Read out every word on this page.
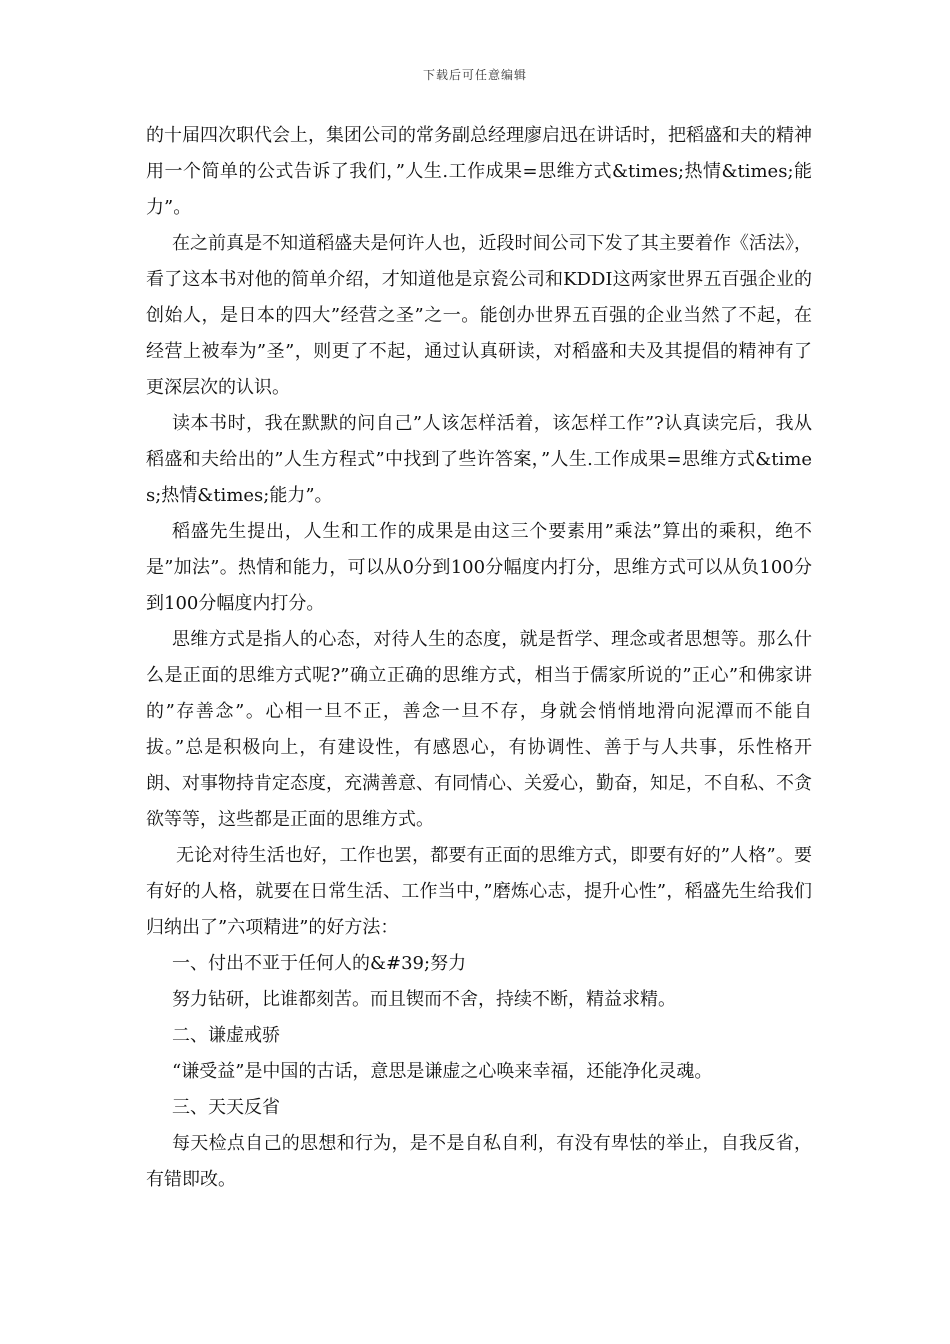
下载后可任意编辑

的十届四次职代会上，集团公司的常务副总经理廖启迅在讲话时，把稻盛和夫的精神用一个简单的公式告诉了我们，”人生.工作成果=思维方式&times;热情&times;能力”。

在之前真是不知道稻盛夫是何许人也，近段时间公司下发了其主要着作《活法》，看了这本书对他的简单介绍，才知道他是京瓷公司和KDDI这两家世界五百强企业的创始人，是日本的四大”经营之圣”之一。能创办世界五百强的企业当然了不起，在经营上被奉为”圣”，则更了不起，通过认真研读，对稻盛和夫及其提倡的精神有了更深层次的认识。

读本书时，我在默默的问自己”人该怎样活着，该怎样工作”?认真读完后，我从稻盛和夫给出的”人生方程式”中找到了些许答案，”人生.工作成果=思维方式&times;热情&times;能力”。

稻盛先生提出，人生和工作的成果是由这三个要素用”乘法”算出的乘积，绝不是”加法”。热情和能力，可以从0分到100分幅度内打分，思维方式可以从负100分到100分幅度内打分。

思维方式是指人的心态，对待人生的态度，就是哲学、理念或者思想等。那么什么是正面的思维方式呢?”确立正确的思维方式，相当于儒家所说的”正心”和佛家讲的”存善念”。心相一旦不正，善念一旦不存，身就会悄悄地滑向泥潭而不能自拔。”总是积极向上，有建设性，有感恩心，有协调性、善于与人共事，乐性格开朗、对事物持肯定态度，充满善意、有同情心、关爱心，勤奋，知足，不自私、不贪欲等等，这些都是正面的思维方式。

无论对待生活也好，工作也罢，都要有正面的思维方式，即要有好的”人格”。要有好的人格，就要在日常生活、工作当中，”磨炼心志，提升心性”，稻盛先生给我们归纳出了”六项精进”的好方法：

一、付出不亚于任何人的&#39;努力

努力钻研，比谁都刻苦。而且锲而不舍，持续不断，精益求精。

二、谦虚戒骄

“谦受益”是中国的古话，意思是谦虚之心唤来幸福，还能净化灵魂。

三、天天反省

每天检点自己的思想和行为，是不是自私自利，有没有卑怯的举止，自我反省，有错即改。
